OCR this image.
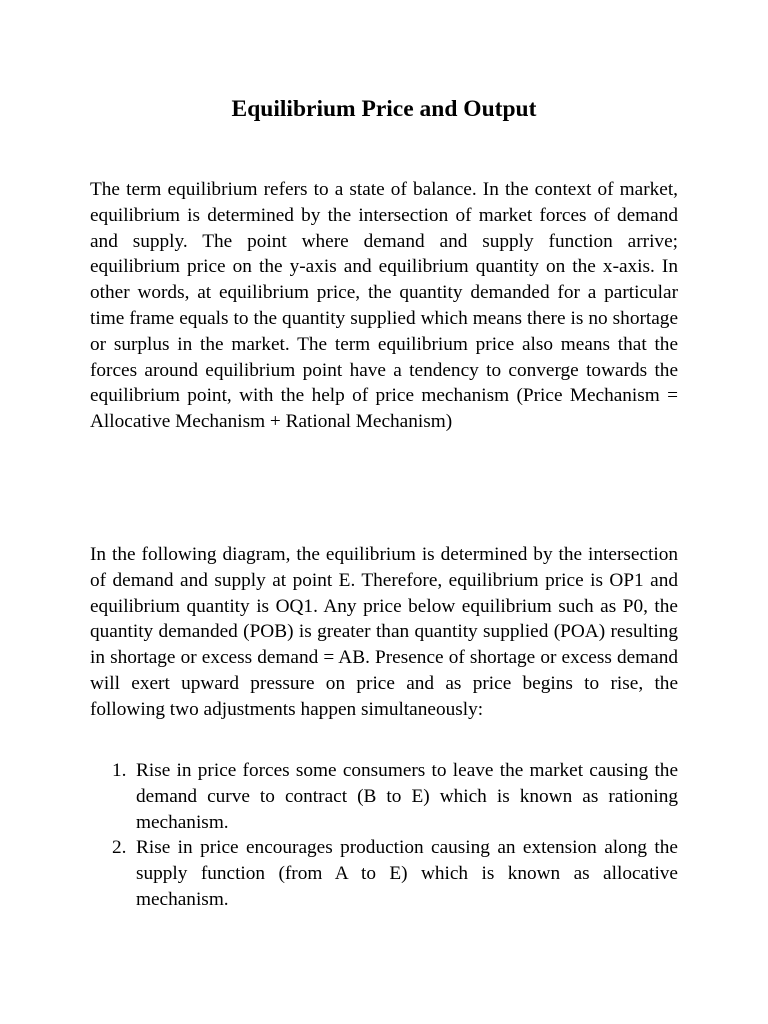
Equilibrium Price and Output

The term equilibrium refers to a state of balance. In the context of market, equilibrium is determined by the intersection of market forces of demand and supply. The point where demand and supply function arrive; equilibrium price on the y-axis and equilibrium quantity on the x-axis. In other words, at equilibrium price, the quantity demanded for a particular time frame equals to the quantity supplied which means there is no shortage or surplus in the market. The term equilibrium price also means that the forces around equilibrium point have a tendency to converge towards the equilibrium point, with the help of price mechanism (Price Mechanism = Allocative Mechanism + Rational Mechanism)

In the following diagram, the equilibrium is determined by the intersection of demand and supply at point E. Therefore, equilibrium price is OP1 and equilibrium quantity is OQ1. Any price below equilibrium such as P0, the quantity demanded (POB) is greater than quantity supplied (POA) resulting in shortage or excess demand = AB. Presence of shortage or excess demand will exert upward pressure on price and as price begins to rise, the following two adjustments happen simultaneously:

1. Rise in price forces some consumers to leave the market causing the demand curve to contract (B to E) which is known as rationing mechanism.
2. Rise in price encourages production causing an extension along the supply function (from A to E) which is known as allocative mechanism.
